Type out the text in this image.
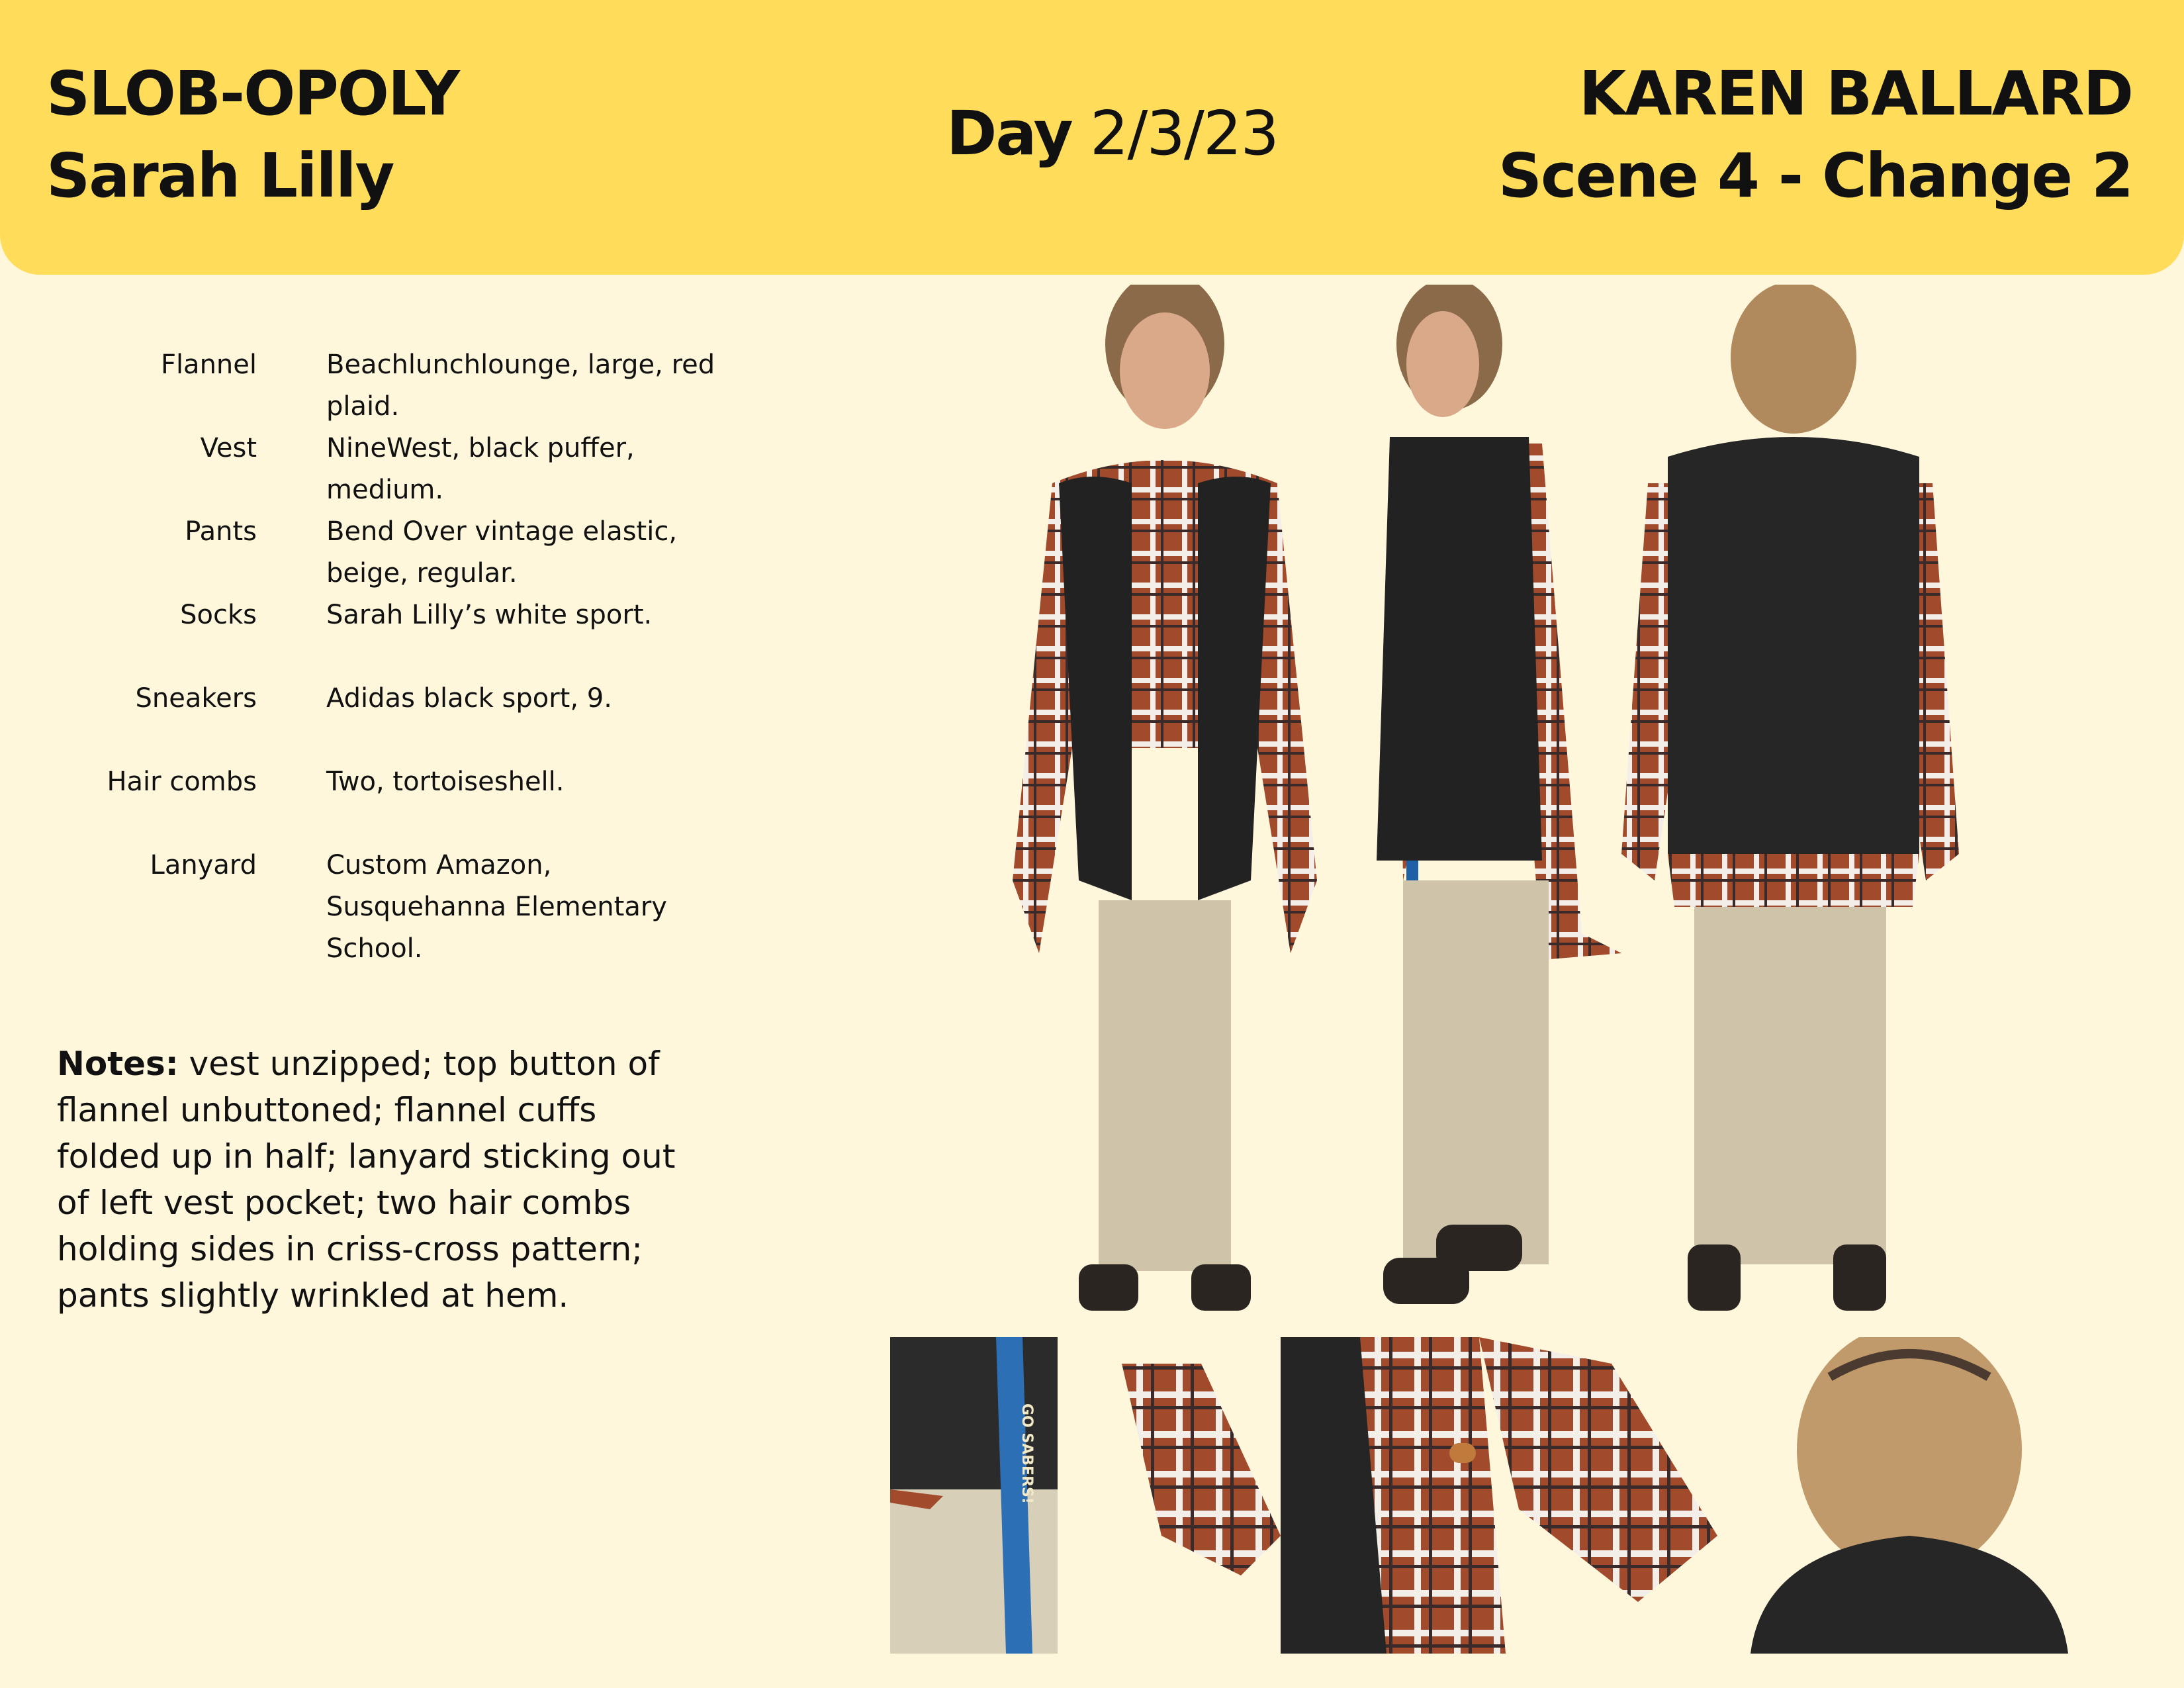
SLOB-OPOLY
Sarah Lilly
Day 2/3/23
KAREN BALLARD
Scene 4 - Change 2
Flannel	Beachlunchlounge, large, red plaid.
Vest	NineWest, black puffer, medium.
Pants	Bend Over vintage elastic, beige, regular.
Socks	Sarah Lilly’s white sport.
Sneakers	Adidas black sport, 9.
Hair combs	Two, tortoiseshell.
Lanyard	Custom Amazon, Susquehanna Elementary School.
Notes: vest unzipped; top button of flannel unbuttoned; flannel cuffs folded up in half; lanyard sticking out of left vest pocket; two hair combs holding sides in criss-cross pattern; pants slightly wrinkled at hem.
GO SABERS!
